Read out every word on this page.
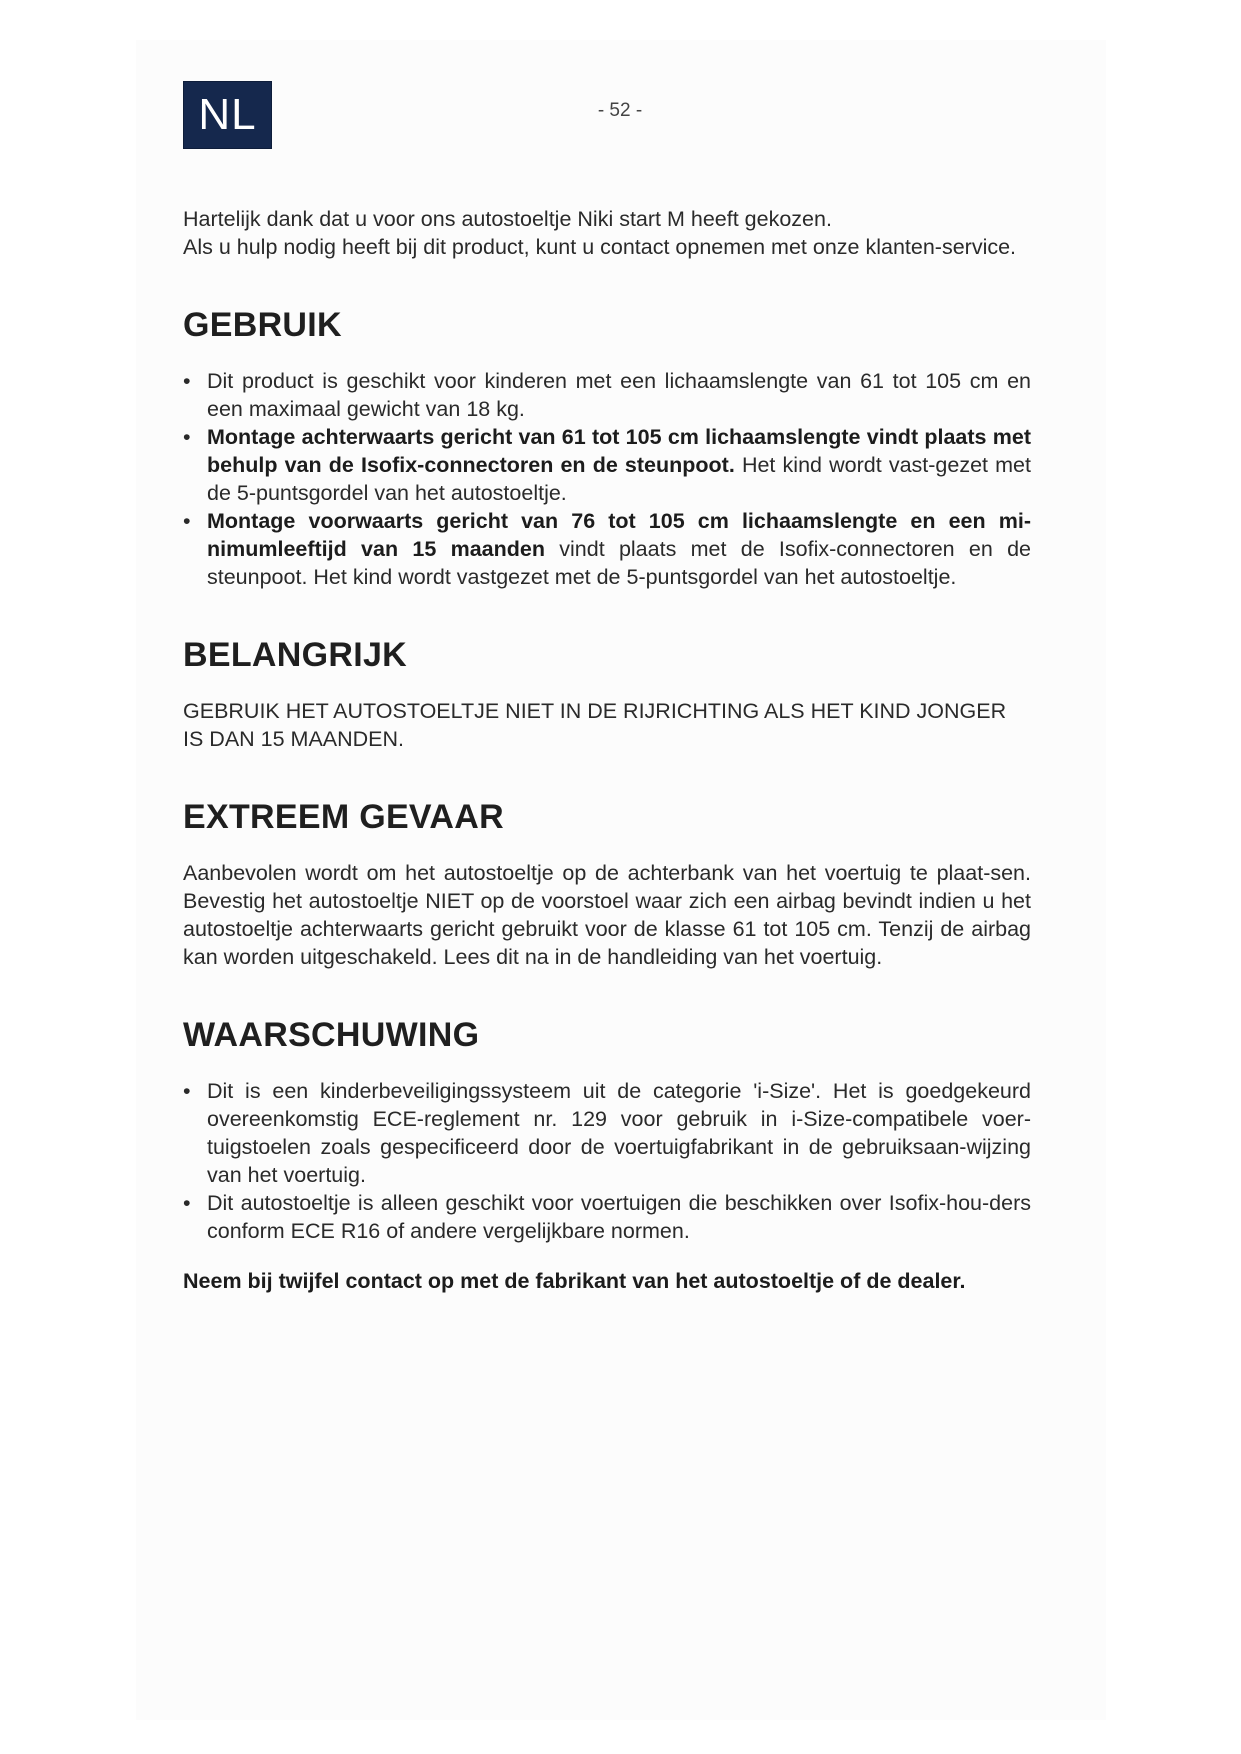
NL	- 52 -

Hartelijk dank dat u voor ons autostoeltje Niki start M heeft gekozen.

Als u hulp nodig heeft bij dit product, kunt u contact opnemen met onze klanten-service.

GEBRUIK
• Dit product is geschikt voor kinderen met een lichaamslengte van 61 tot 105 cm en een maximaal gewicht van 18 kg.
• Montage achterwaarts gericht van 61 tot 105 cm lichaamslengte vindt plaats met behulp van de Isofix-connectoren en de steunpoot. Het kind wordt vast-gezet met de 5-puntsgordel van het autostoeltje.
• Montage voorwaarts gericht van 76 tot 105 cm lichaamslengte en een mi-nimumleeftijd van 15 maanden vindt plaats met de Isofix-connectoren en de steunpoot. Het kind wordt vastgezet met de 5-puntsgordel van het autostoeltje.
BELANGRIJK

GEBRUIK HET AUTOSTOELTJE NIET IN DE RIJRICHTING ALS HET KIND JONGER IS DAN 15 MAANDEN.

EXTREEM GEVAAR

Aanbevolen wordt om het autostoeltje op de achterbank van het voertuig te plaat-sen. Bevestig het autostoeltje NIET op de voorstoel waar zich een airbag bevindt indien u het autostoeltje achterwaarts gericht gebruikt voor de klasse 61 tot 105 cm. Tenzij de airbag kan worden uitgeschakeld. Lees dit na in de handleiding van het voertuig.

WAARSCHUWING
• Dit is een kinderbeveiligingssysteem uit de categorie 'i-Size'. Het is goedgekeurd overeenkomstig ECE-reglement nr. 129 voor gebruik in i-Size-compatibele voer-tuigstoelen zoals gespecificeerd door de voertuigfabrikant in de gebruiksaan-wijzing van het voertuig.
• Dit autostoeltje is alleen geschikt voor voertuigen die beschikken over Isofix-hou-ders conform ECE R16 of andere vergelijkbare normen.

Neem bij twijfel contact op met de fabrikant van het autostoeltje of de dealer.
